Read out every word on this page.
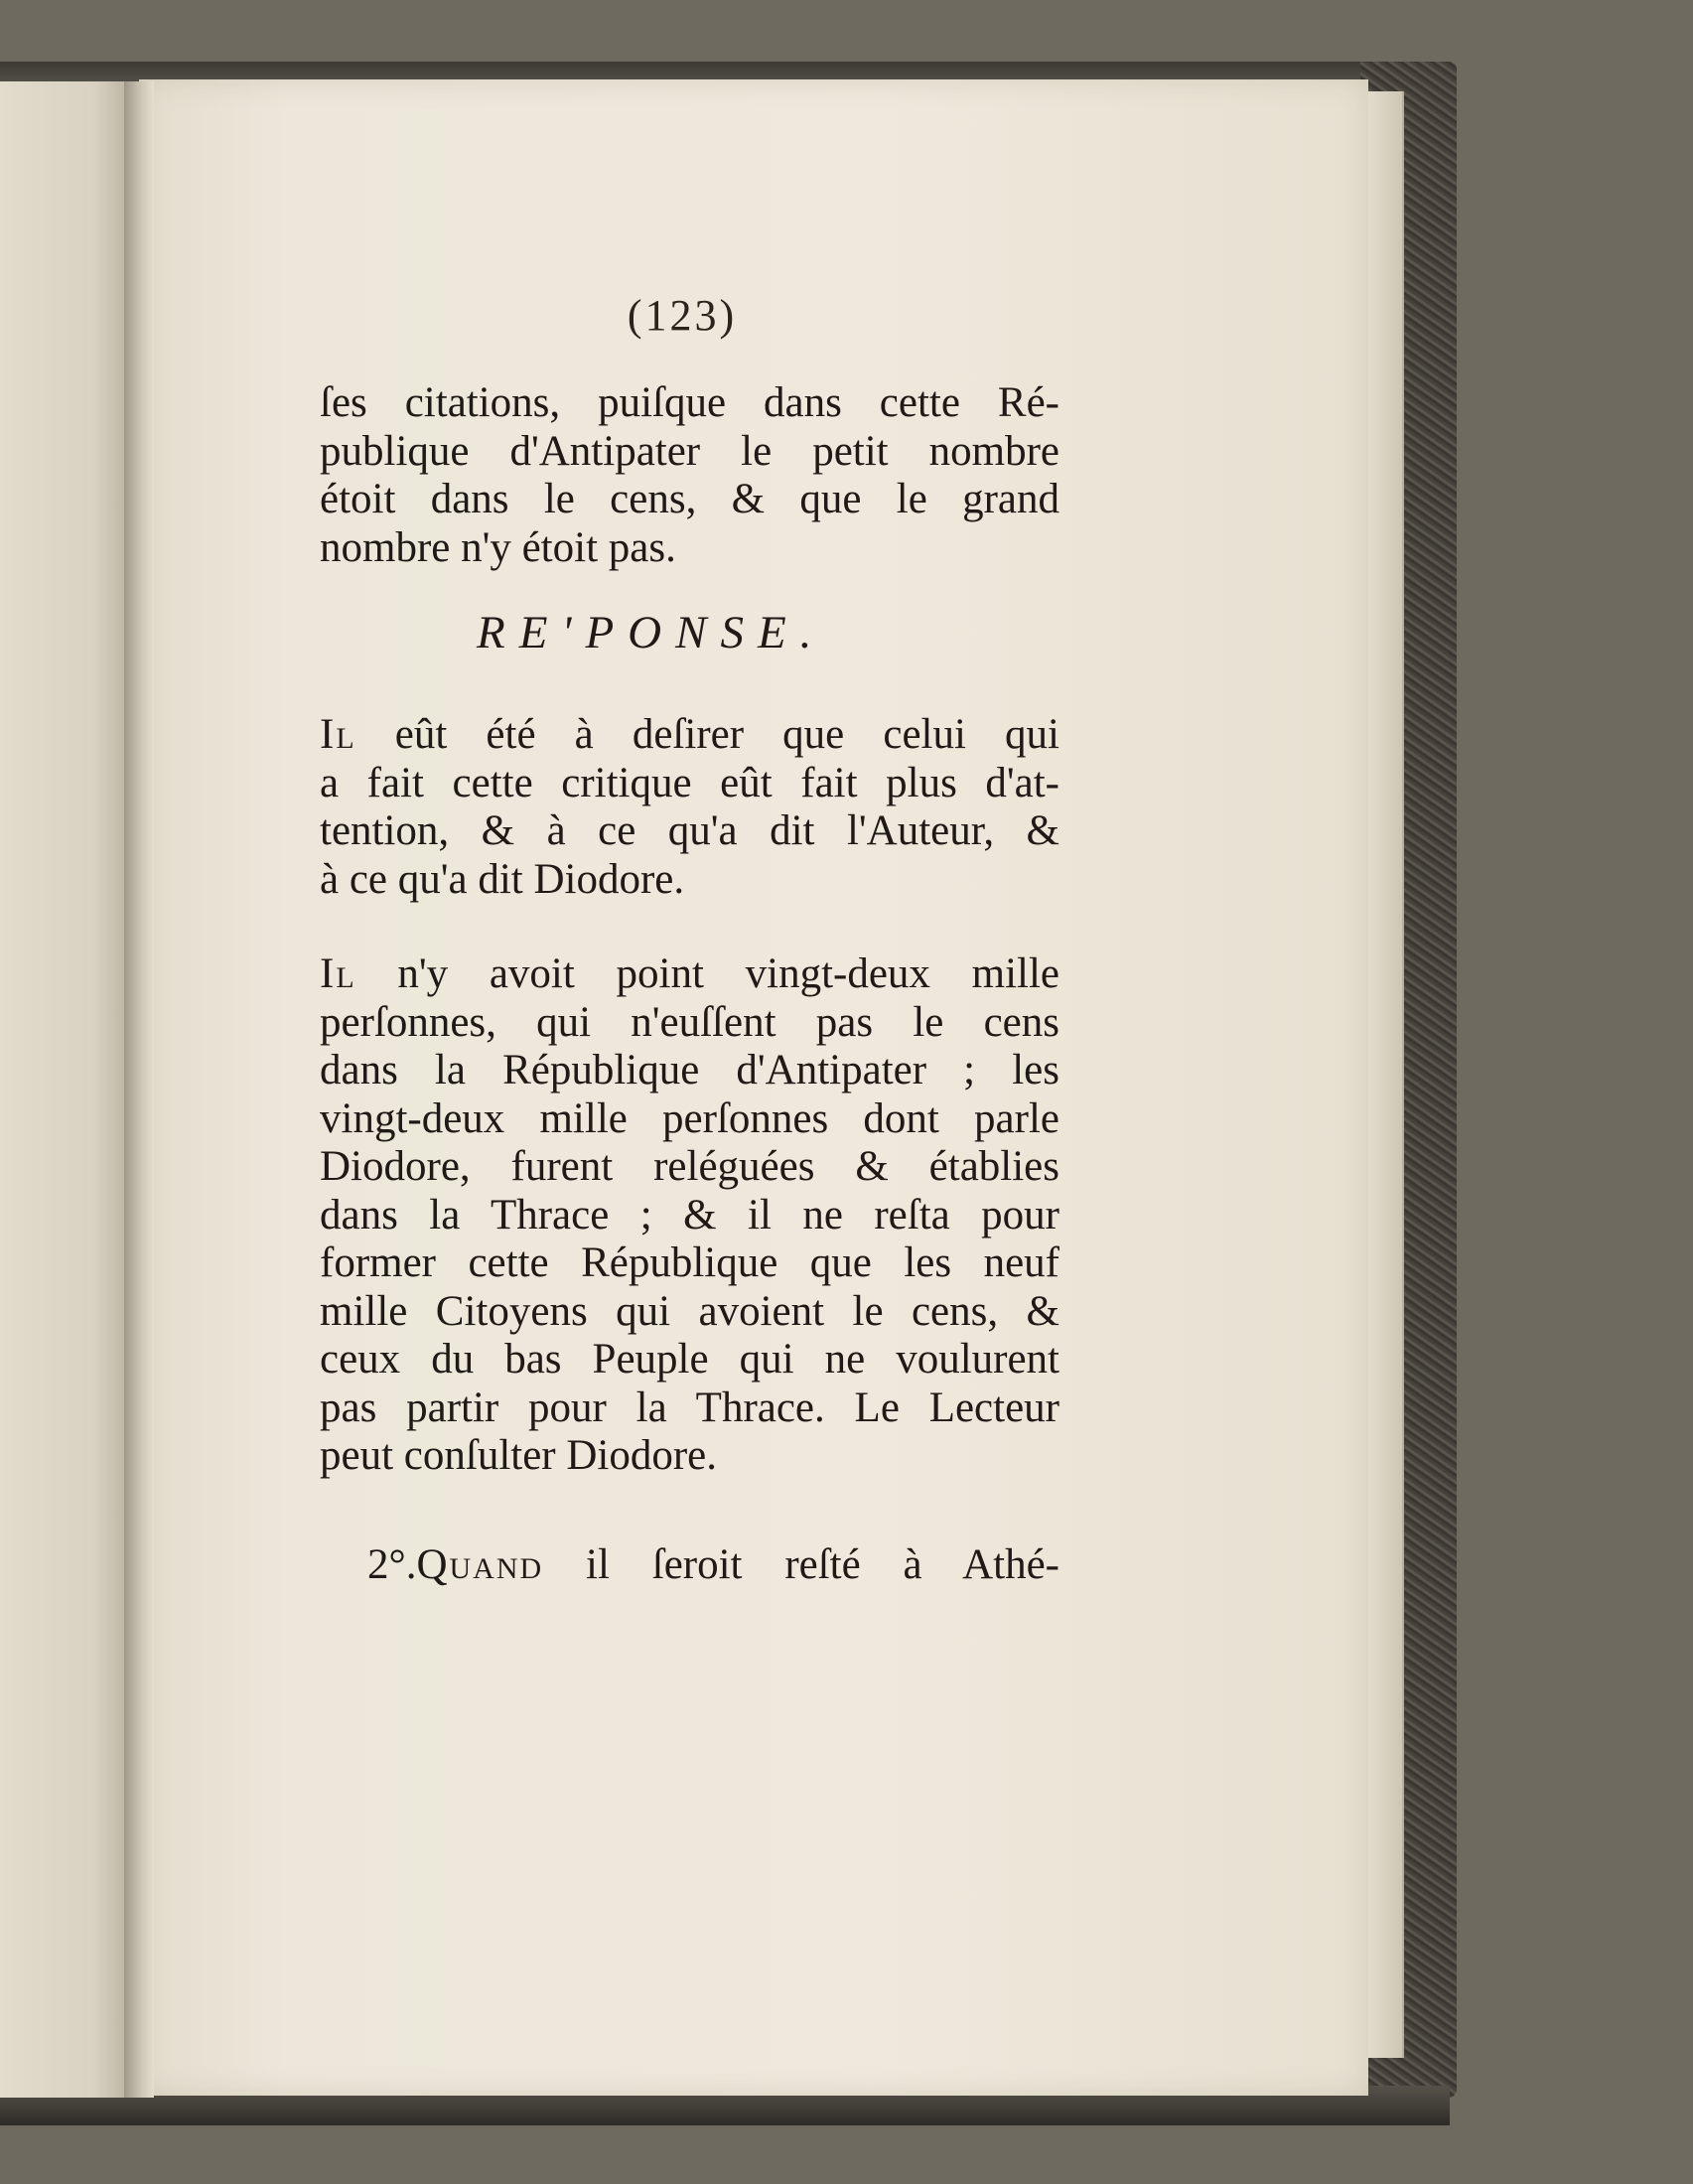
(123)
ſes citations, puiſque dans cette Ré-
publique d'Antipater le petit nombre
étoit dans le cens, & que le grand
nombre n'y étoit pas.
RE'PONSE.
Il eût été à deſirer que celui qui
a fait cette critique eût fait plus d'at-
tention, & à ce qu'a dit l'Auteur, &
à ce qu'a dit Diodore.
Il n'y avoit point vingt-deux mille
perſonnes, qui n'euſſent pas le cens
dans la République d'Antipater ; les
vingt-deux mille perſonnes dont parle
Diodore, furent reléguées & établies
dans la Thrace ; & il ne reſta pour
former cette République que les neuf
mille Citoyens qui avoient le cens, &
ceux du bas Peuple qui ne voulurent
pas partir pour la Thrace. Le Lecteur
peut conſulter Diodore.
2°.Quand il ſeroit reſté à Athé-
